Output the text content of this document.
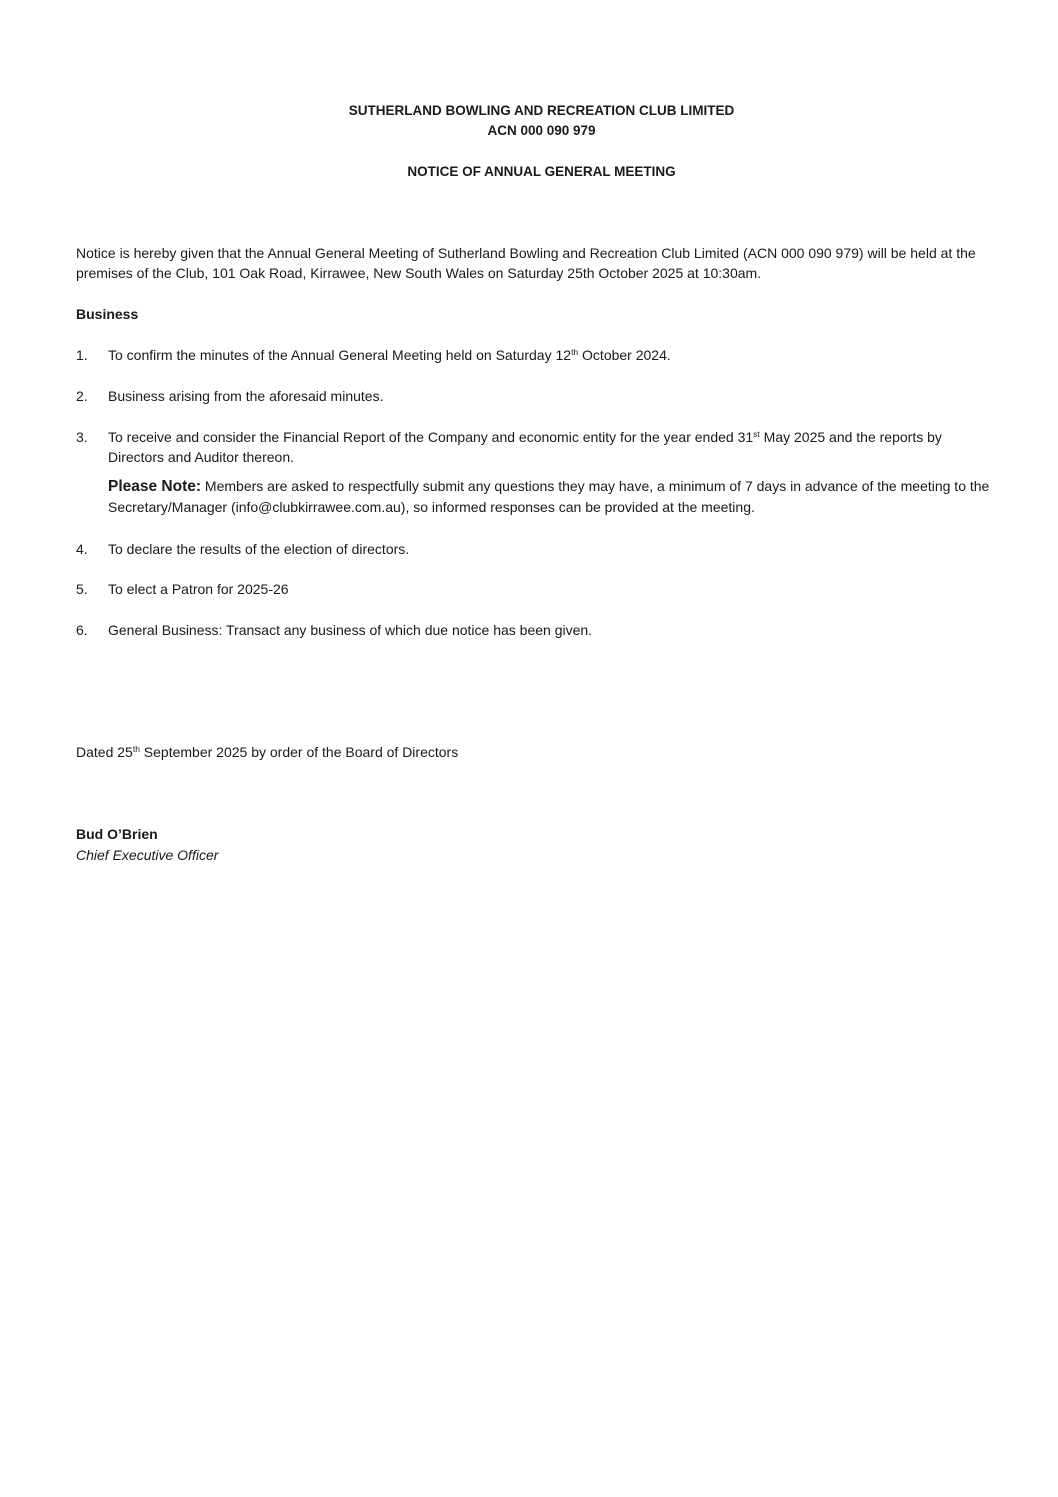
SUTHERLAND BOWLING AND RECREATION CLUB LIMITED
ACN 000 090 979
NOTICE OF ANNUAL GENERAL MEETING
Notice is hereby given that the Annual General Meeting of Sutherland Bowling and Recreation Club Limited (ACN 000 090 979) will be held at the premises of the Club, 101 Oak Road, Kirrawee, New South Wales on Saturday 25th October 2025 at 10:30am.
Business
1. To confirm the minutes of the Annual General Meeting held on Saturday 12th October 2024.
2. Business arising from the aforesaid minutes.
3. To receive and consider the Financial Report of the Company and economic entity for the year ended 31st May 2025 and the reports by Directors and Auditor thereon.
Please Note: Members are asked to respectfully submit any questions they may have, a minimum of 7 days in advance of the meeting to the Secretary/Manager (info@clubkirrawee.com.au), so informed responses can be provided at the meeting.
4. To declare the results of the election of directors.
5. To elect a Patron for 2025-26
6. General Business: Transact any business of which due notice has been given.
Dated 25th September 2025 by order of the Board of Directors
Bud O’Brien
Chief Executive Officer
